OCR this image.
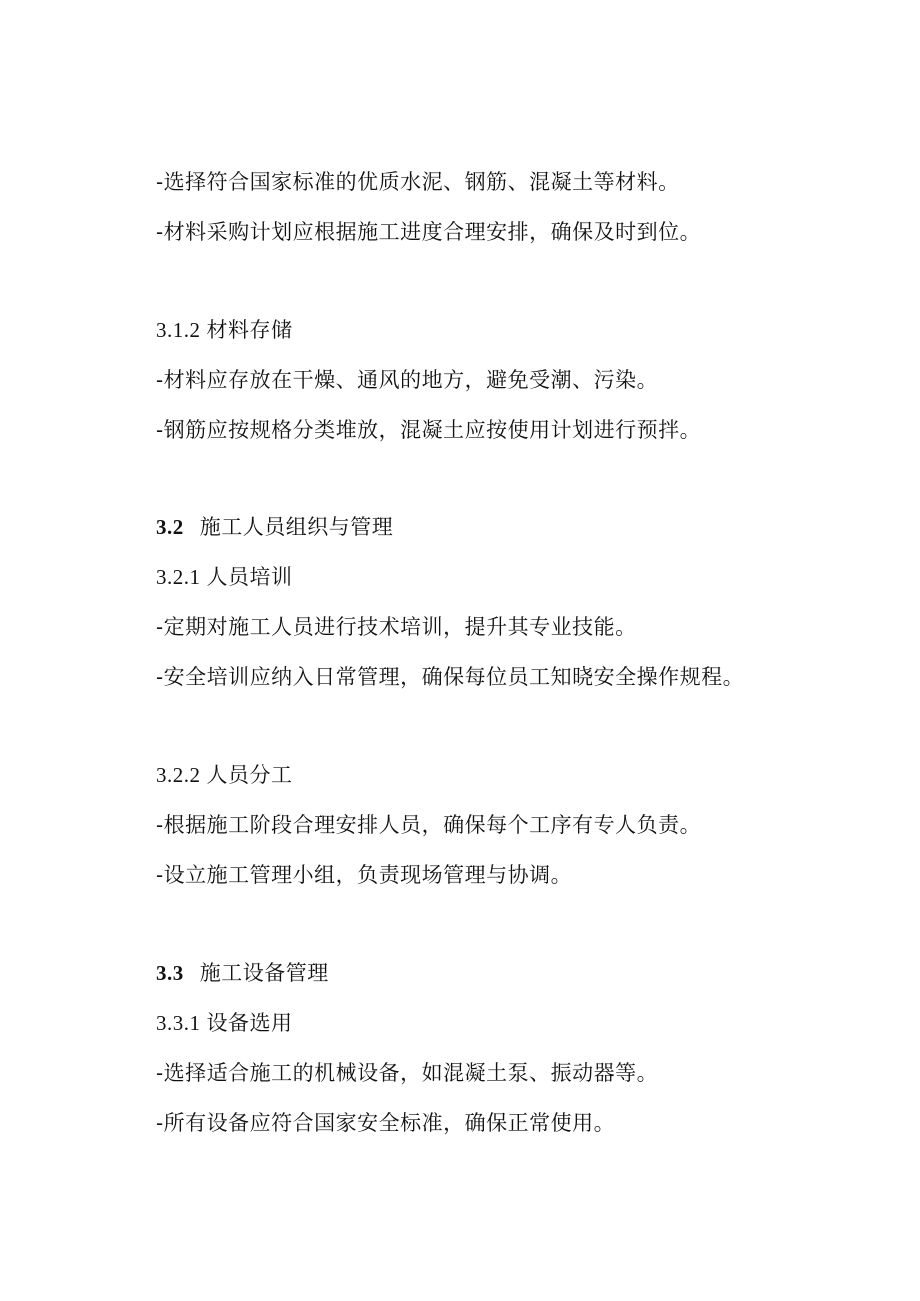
-选择符合国家标准的优质水泥、钢筋、混凝土等材料。

-材料采购计划应根据施工进度合理安排，确保及时到位。

3.1.2 材料存储

-材料应存放在干燥、通风的地方，避免受潮、污染。

-钢筋应按规格分类堆放，混凝土应按使用计划进行预拌。

3.2 施工人员组织与管理
3.2.1 人员培训

-定期对施工人员进行技术培训，提升其专业技能。

-安全培训应纳入日常管理，确保每位员工知晓安全操作规程。

3.2.2 人员分工

-根据施工阶段合理安排人员，确保每个工序有专人负责。

-设立施工管理小组，负责现场管理与协调。

3.3 施工设备管理
3.3.1 设备选用

-选择适合施工的机械设备，如混凝土泵、振动器等。

-所有设备应符合国家安全标准，确保正常使用。
